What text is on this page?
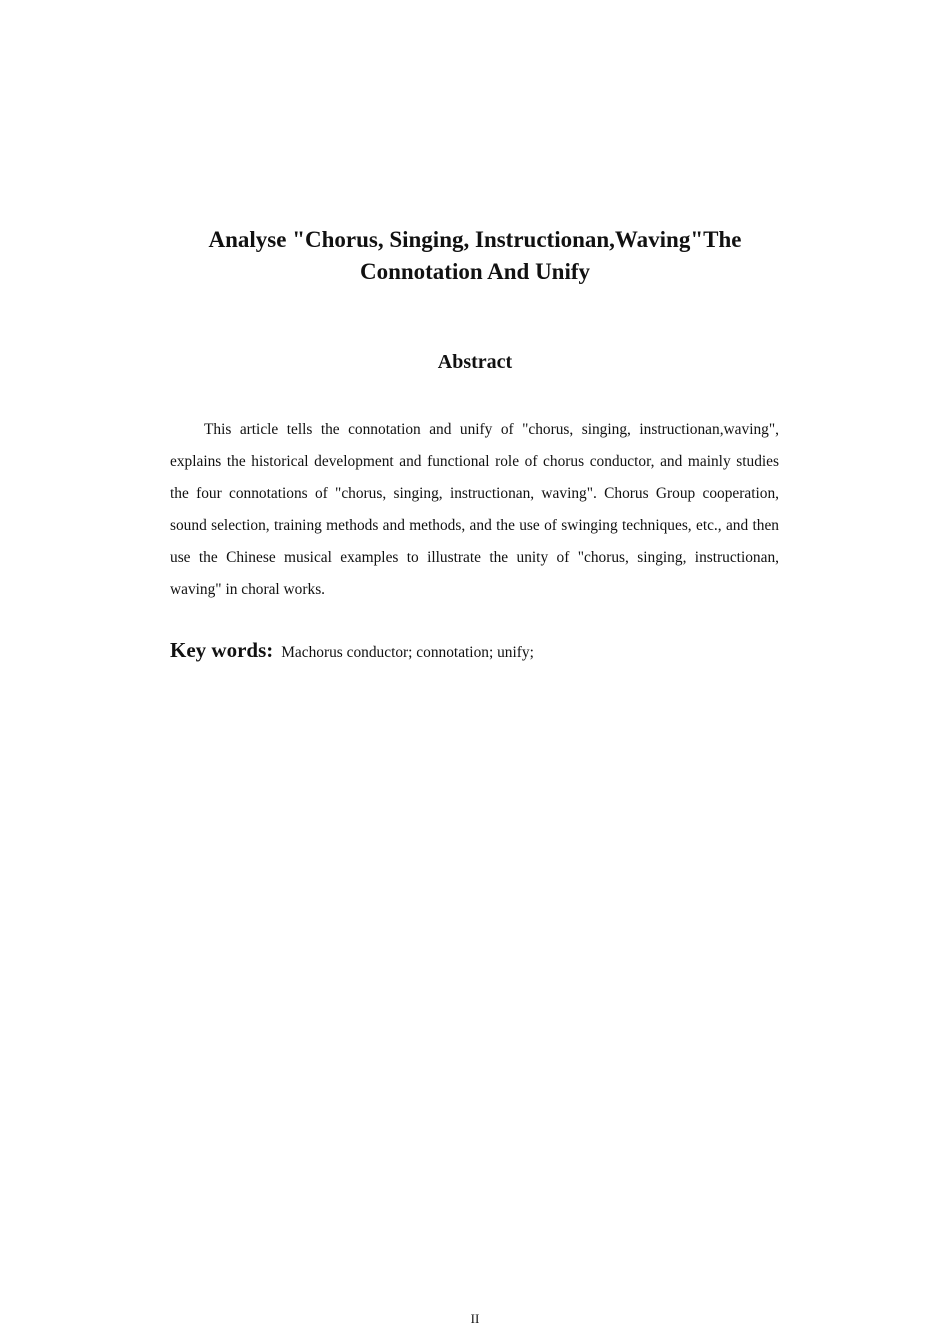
Analyse "Chorus, Singing, Instructionan,Waving"The
Connotation And Unify
Abstract

This article tells the connotation and unify of "chorus, singing, instructionan,waving", explains the historical development and functional role of chorus conductor, and mainly studies the four connotations of "chorus, singing, instructionan, waving". Chorus Group cooperation, sound selection, training methods and methods, and the use of swinging techniques, etc., and then use the Chinese musical examples to illustrate the unity of "chorus, singing, instructionan, waving" in choral works.

Key words: Machorus conductor; connotation; unify;

II
